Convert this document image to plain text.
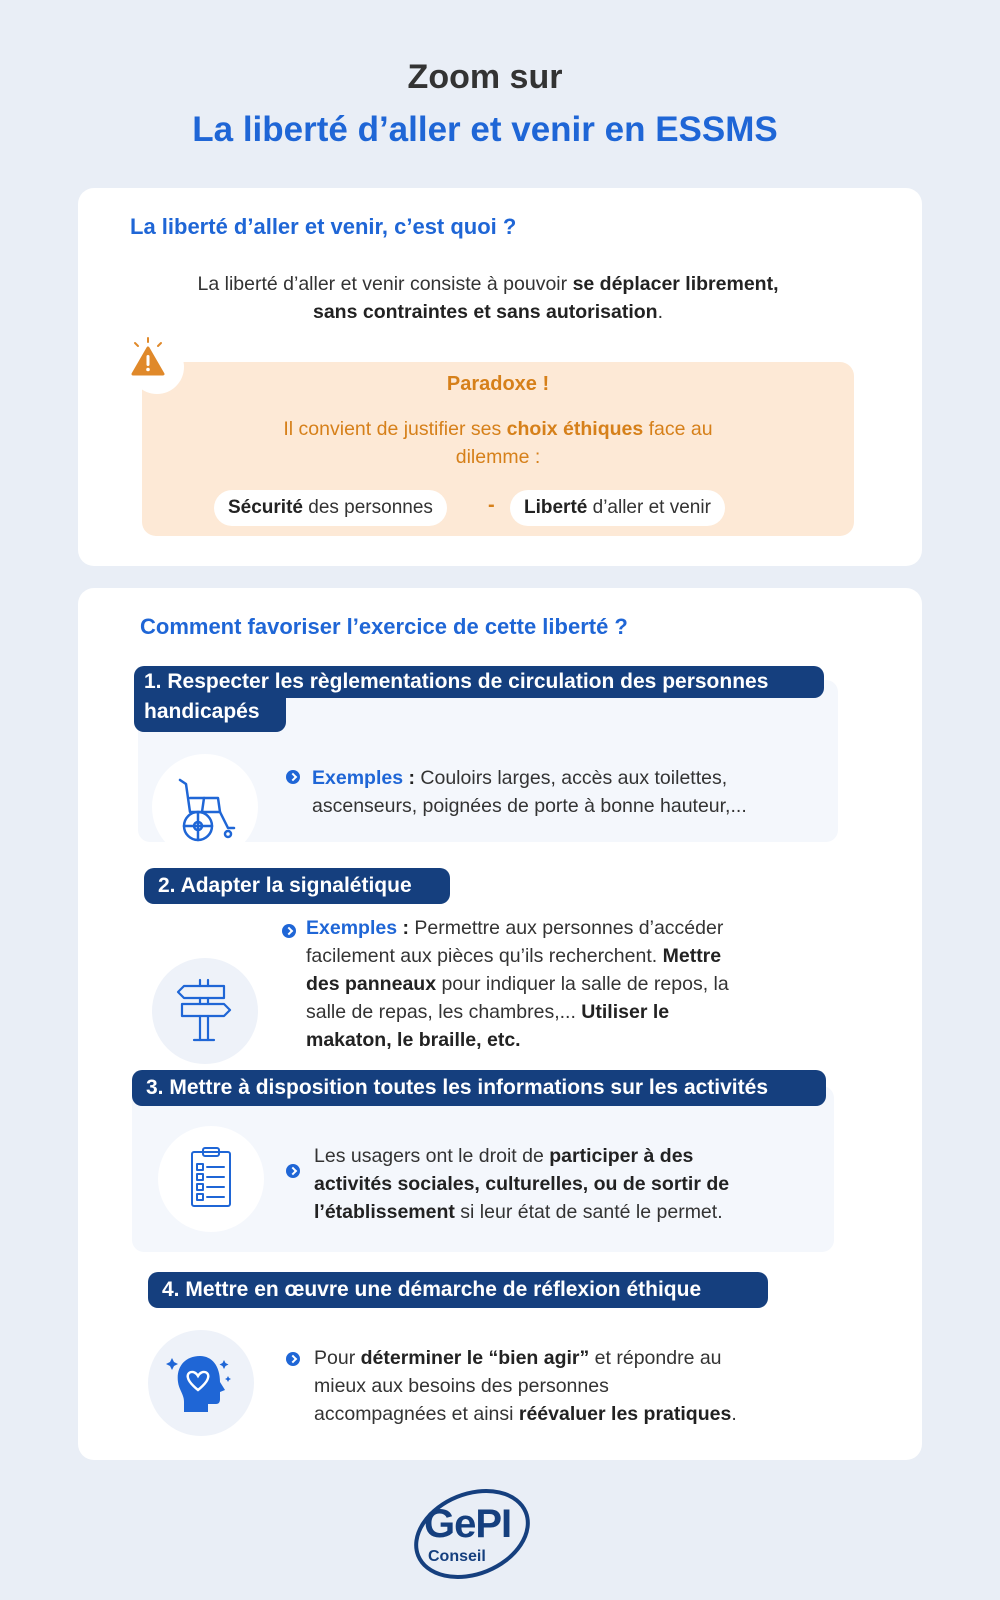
Zoom sur
La liberté d’aller et venir en ESSMS
La liberté d’aller et venir, c’est quoi ?
La liberté d’aller et venir consiste à pouvoir se déplacer librement,
sans contraintes et sans autorisation.
Paradoxe !
Il convient de justifier ses choix éthiques face au
dilemme :
Sécurité des personnes	-	Liberté d’aller et venir
Comment favoriser l’exercice de cette liberté ?
1. Respecter les règlementations de circulation des personnes
handicapés
Exemples : Couloirs larges, accès aux toilettes,
ascenseurs, poignées de porte à bonne hauteur,...
2. Adapter la signalétique
Exemples : Permettre aux personnes d’accéder
facilement aux pièces qu’ils recherchent. Mettre
des panneaux pour indiquer la salle de repos, la
salle de repas, les chambres,... Utiliser le
makaton, le braille, etc.
3. Mettre à disposition toutes les informations sur les activités
Les usagers ont le droit de participer à des
activités sociales, culturelles, ou de sortir de
l’établissement si leur état de santé le permet.
4. Mettre en œuvre une démarche de réflexion éthique
Pour déterminer le “bien agir” et répondre au
mieux aux besoins des personnes
accompagnées et ainsi réévaluer les pratiques.
GePI
Conseil
